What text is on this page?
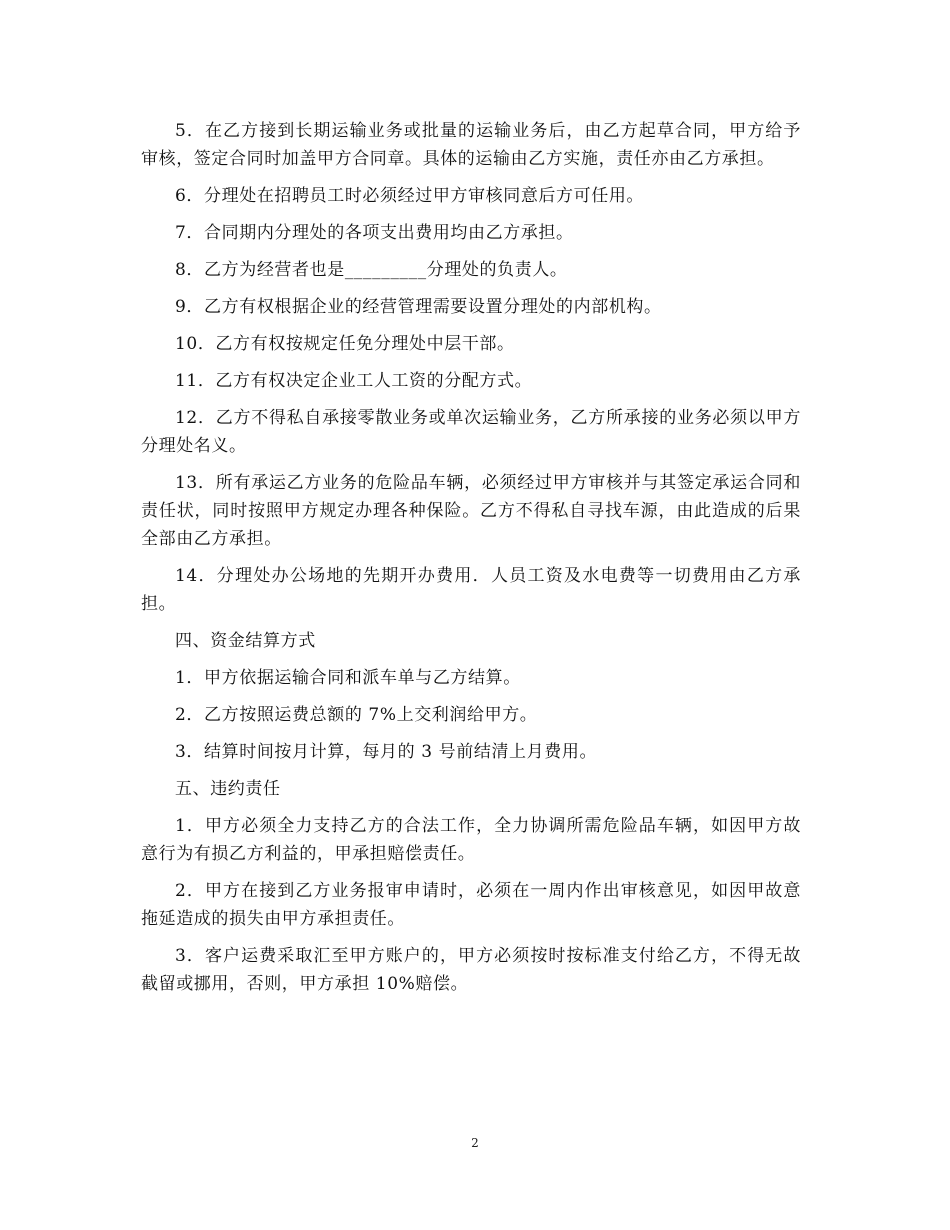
5．在乙方接到长期运输业务或批量的运输业务后，由乙方起草合同，甲方给予审核，签定合同时加盖甲方合同章。具体的运输由乙方实施，责任亦由乙方承担。

6．分理处在招聘员工时必须经过甲方审核同意后方可任用。

7．合同期内分理处的各项支出费用均由乙方承担。

8．乙方为经营者也是_________分理处的负责人。

9．乙方有权根据企业的经营管理需要设置分理处的内部机构。

10．乙方有权按规定任免分理处中层干部。

11．乙方有权决定企业工人工资的分配方式。

12．乙方不得私自承接零散业务或单次运输业务，乙方所承接的业务必须以甲方分理处名义。

13．所有承运乙方业务的危险品车辆，必须经过甲方审核并与其签定承运合同和责任状，同时按照甲方规定办理各种保险。乙方不得私自寻找车源，由此造成的后果全部由乙方承担。

14．分理处办公场地的先期开办费用．人员工资及水电费等一切费用由乙方承担。

四、资金结算方式

1．甲方依据运输合同和派车单与乙方结算。

2．乙方按照运费总额的 7%上交利润给甲方。

3．结算时间按月计算，每月的 3 号前结清上月费用。

五、违约责任

1．甲方必须全力支持乙方的合法工作，全力协调所需危险品车辆，如因甲方故意行为有损乙方利益的，甲承担赔偿责任。

2．甲方在接到乙方业务报审申请时，必须在一周内作出审核意见，如因甲故意拖延造成的损失由甲方承担责任。

3．客户运费采取汇至甲方账户的，甲方必须按时按标准支付给乙方，不得无故截留或挪用，否则，甲方承担 10%赔偿。

2
